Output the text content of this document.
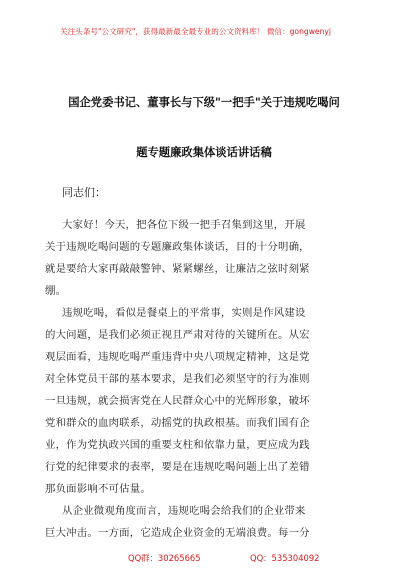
关注头条号"公文研究"，获得最新最全最专业的公文资料库！ 微信：gongwenyj
国企党委书记、董事长与下级"一把手"关于违规吃喝问
题专题廉政集体谈话讲话稿
同志们：
大家好！今天，把各位下级一把手召集到这里，开展
关于违规吃喝问题的专题廉政集体谈话，目的十分明确，
就是要给大家再敲敲警钟、紧紧螺丝，让廉洁之弦时刻紧
绷。
违规吃喝，看似是餐桌上的平常事，实则是作风建设
的大问题，是我们必须正视且严肃对待的关键所在。从宏
观层面看，违规吃喝严重违背中央八项规定精神，这是党
对全体党员干部的基本要求，是我们必须坚守的行为准则
一旦违规，就会损害党在人民群众心中的光辉形象，破坏
党和群众的血肉联系，动摇党的执政根基。而我们国有企
业，作为党执政兴国的重要支柱和依靠力量，更应成为践
行党的纪律要求的表率，要是在违规吃喝问题上出了差错
那负面影响不可估量。
从企业微观角度而言，违规吃喝会给我们的企业带来
巨大冲击。一方面，它造成企业资金的无端浪费。每一分
QQ群：30265665	QQ：535304092
